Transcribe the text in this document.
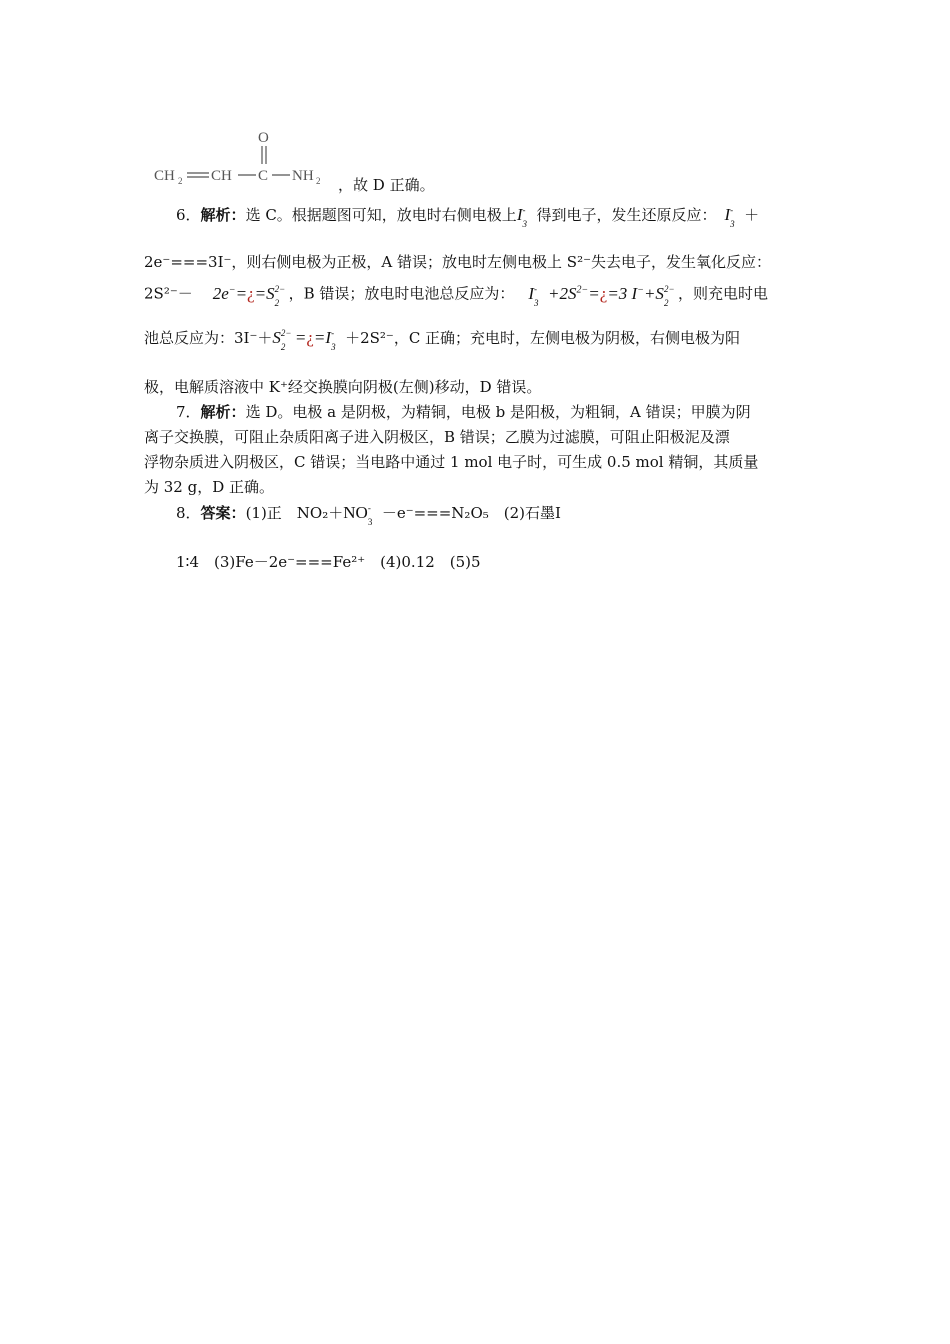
O
CH 2 CH C NH 2 ，故 D 正确。
6．解析：选 C。根据题图可知，放电时右侧电极上I -
3 得到电子，发生还原反应： I -
3 ＋
2e⁻===3I⁻，则右侧电极为正极，A 错误；放电时左侧电极上 S²⁻失去电子，发生氧化反应：
2S²⁻－ 2e−=¿=S 2−
2 ，B 错误；放电时电池总反应为： I -
$3 +2S^{2-}=¿=3$ I−+S 2−
2 ，则充电时电
池总反应为：3I⁻＋S 2−
2 =¿=I -
3 ＋2S²⁻，C 正确；充电时，左侧电极为阴极，右侧电极为阳
极，电解质溶液中 K⁺经交换膜向阴极(左侧)移动，D 错误。
7．解析：选 D。电极 a 是阴极，为精铜，电极 b 是阳极，为粗铜，A 错误；甲膜为阴
离子交换膜，可阻止杂质阳离子进入阴极区，B 错误；乙膜为过滤膜，可阻止阳极泥及漂
浮物杂质进入阴极区，C 错误；当电路中通过 1 mol 电子时，可生成 0.5 mol 精铜，其质量
为 32 g，D 正确。
8．答案：(1)正　NO₂＋NO -
3 －e⁻===N₂O₅　(2)石墨Ⅰ
1∶4　(3)Fe－2e⁻===Fe²⁺　(4)0.12　(5)5
